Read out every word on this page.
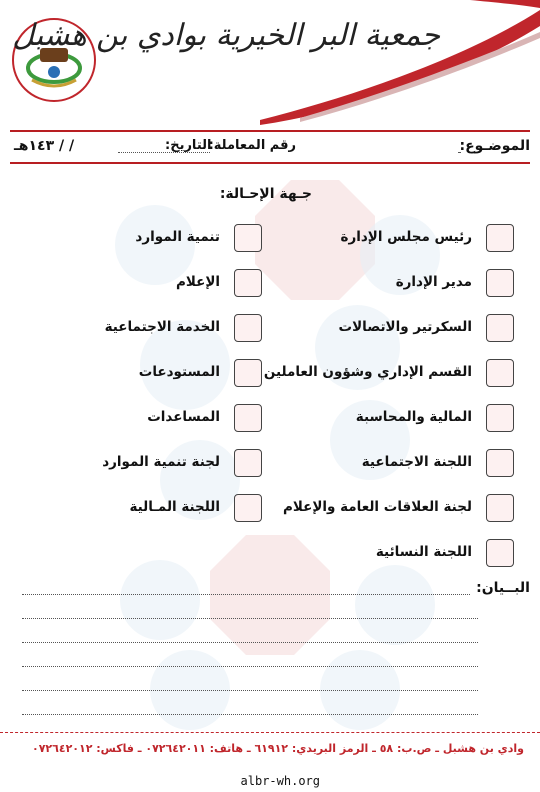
جمعية البر الخيرية بوادي بن هشبل
الموضـوع:
رقم المعاملة:
التاريخ:
/ / ١٤٣هـ
جـهة الإحـالة:
رئيس مجلس الإدارة
مدير الإدارة
السكرتير والاتصالات
القسم الإداري وشؤون العاملين
المالية والمحاسبة
اللجنة الاجتماعية
لجنة العلاقات العامة والإعلام
اللجنة النسائية
تنمية الموارد
الإعلام
الخدمة الاجتماعية
المستودعات
المساعدات
لجنة تنمية الموارد
اللجنة المـالية
البــيان:
وادي بن هشبل ـ ص.ب: ٥٨ ـ الرمز البريدي: ٦١٩١٢ ـ هاتف: ٠٧٢٦٤٢٠١١ ـ فاكس: ٠٧٢٦٤٢٠١٢
albr-wh.org
